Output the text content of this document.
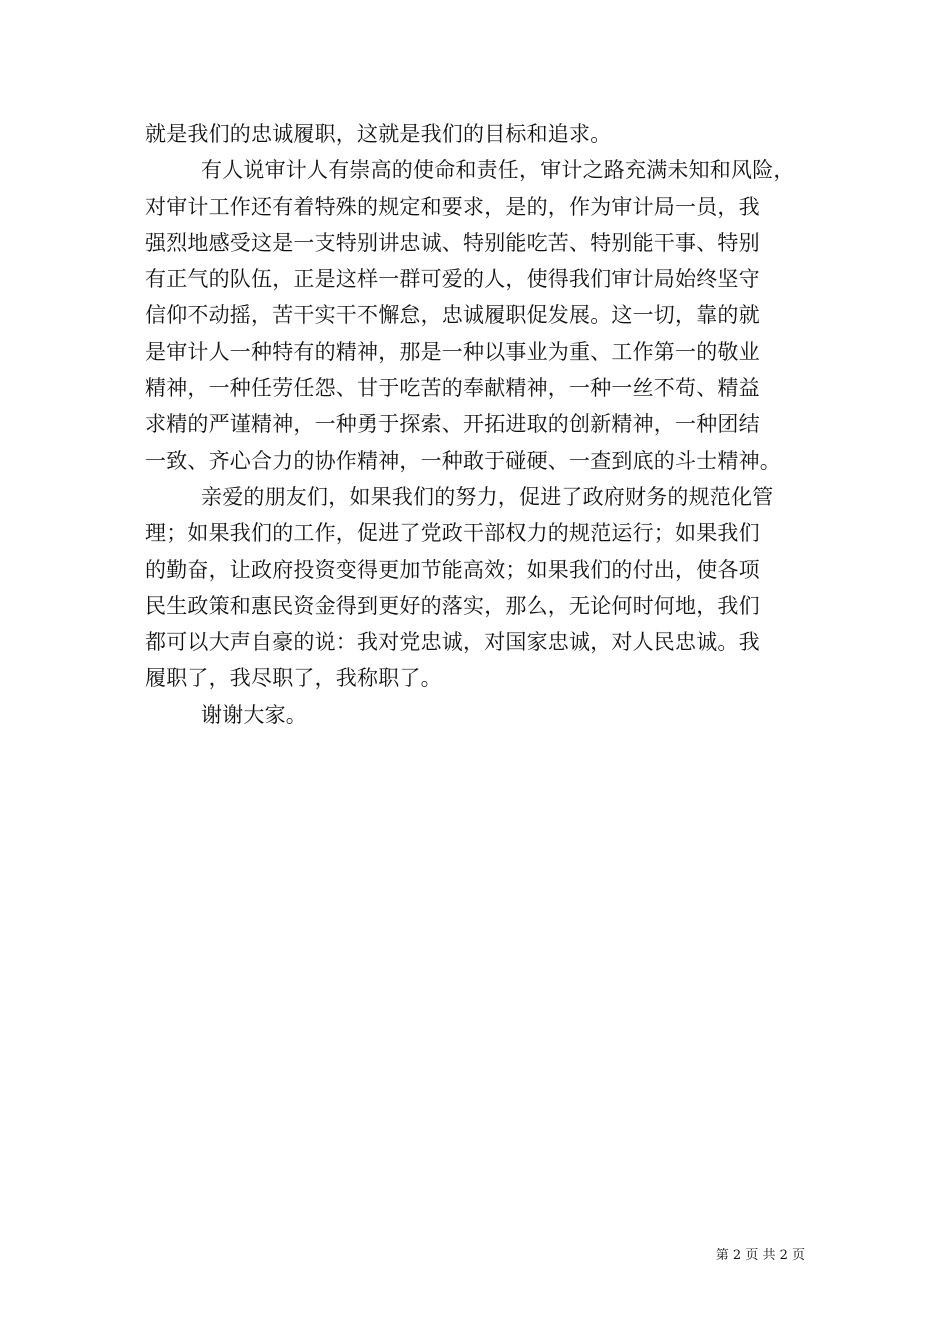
就是我们的忠诚履职，这就是我们的目标和追求。
有人说审计人有崇高的使命和责任，审计之路充满未知和风险，
对审计工作还有着特殊的规定和要求，是的，作为审计局一员，我
强烈地感受这是一支特别讲忠诚、特别能吃苦、特别能干事、特别
有正气的队伍，正是这样一群可爱的人，使得我们审计局始终坚守
信仰不动摇，苦干实干不懈怠，忠诚履职促发展。这一切，靠的就
是审计人一种特有的精神，那是一种以事业为重、工作第一的敬业
精神，一种任劳任怨、甘于吃苦的奉献精神，一种一丝不苟、精益
求精的严谨精神，一种勇于探索、开拓进取的创新精神，一种团结
一致、齐心合力的协作精神，一种敢于碰硬、一查到底的斗士精神。
亲爱的朋友们，如果我们的努力，促进了政府财务的规范化管
理；如果我们的工作，促进了党政干部权力的规范运行；如果我们
的勤奋，让政府投资变得更加节能高效；如果我们的付出，使各项
民生政策和惠民资金得到更好的落实，那么，无论何时何地，我们
都可以大声自豪的说：我对党忠诚，对国家忠诚，对人民忠诚。我
履职了，我尽职了，我称职了。
谢谢大家。
第 2 页 共 2 页
